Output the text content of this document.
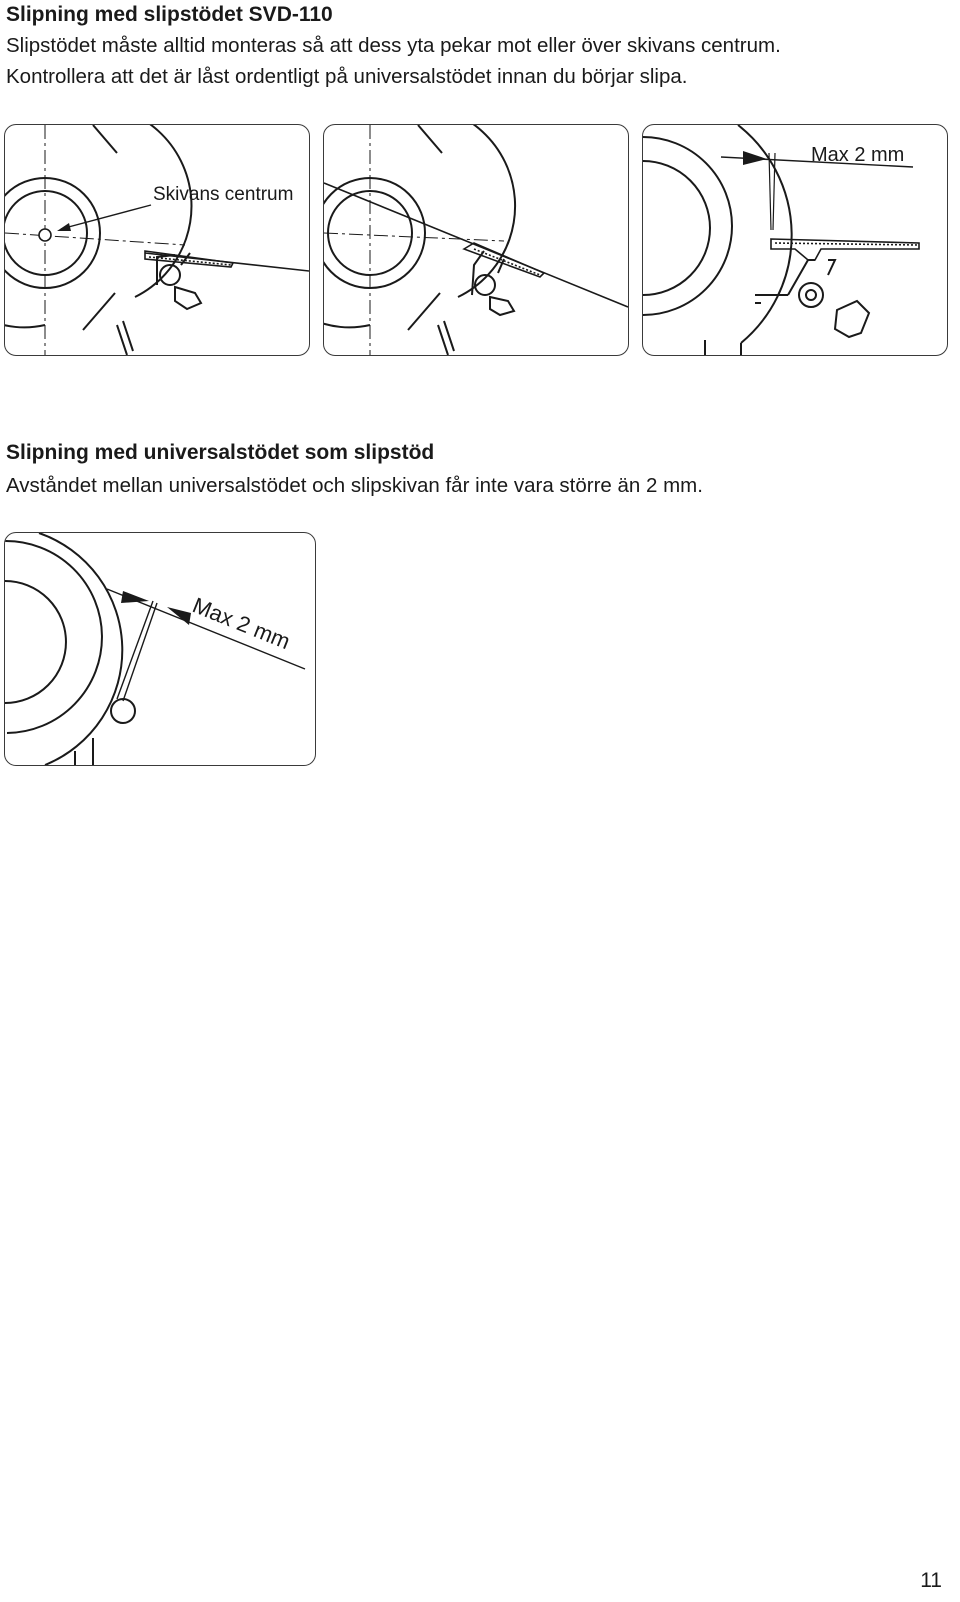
Slipning med slipstödet SVD-110

Slipstödet måste alltid monteras så att dess yta pekar mot eller över skivans centrum.
Kontrollera att det är låst ordentligt på universalstödet innan du börjar slipa.

Skivans centrum
Max 2 mm
Slipning med universalstödet som slipstöd

Avståndet mellan universalstödet och slipskivan får inte vara större än 2 mm.

Max 2 mm
11
